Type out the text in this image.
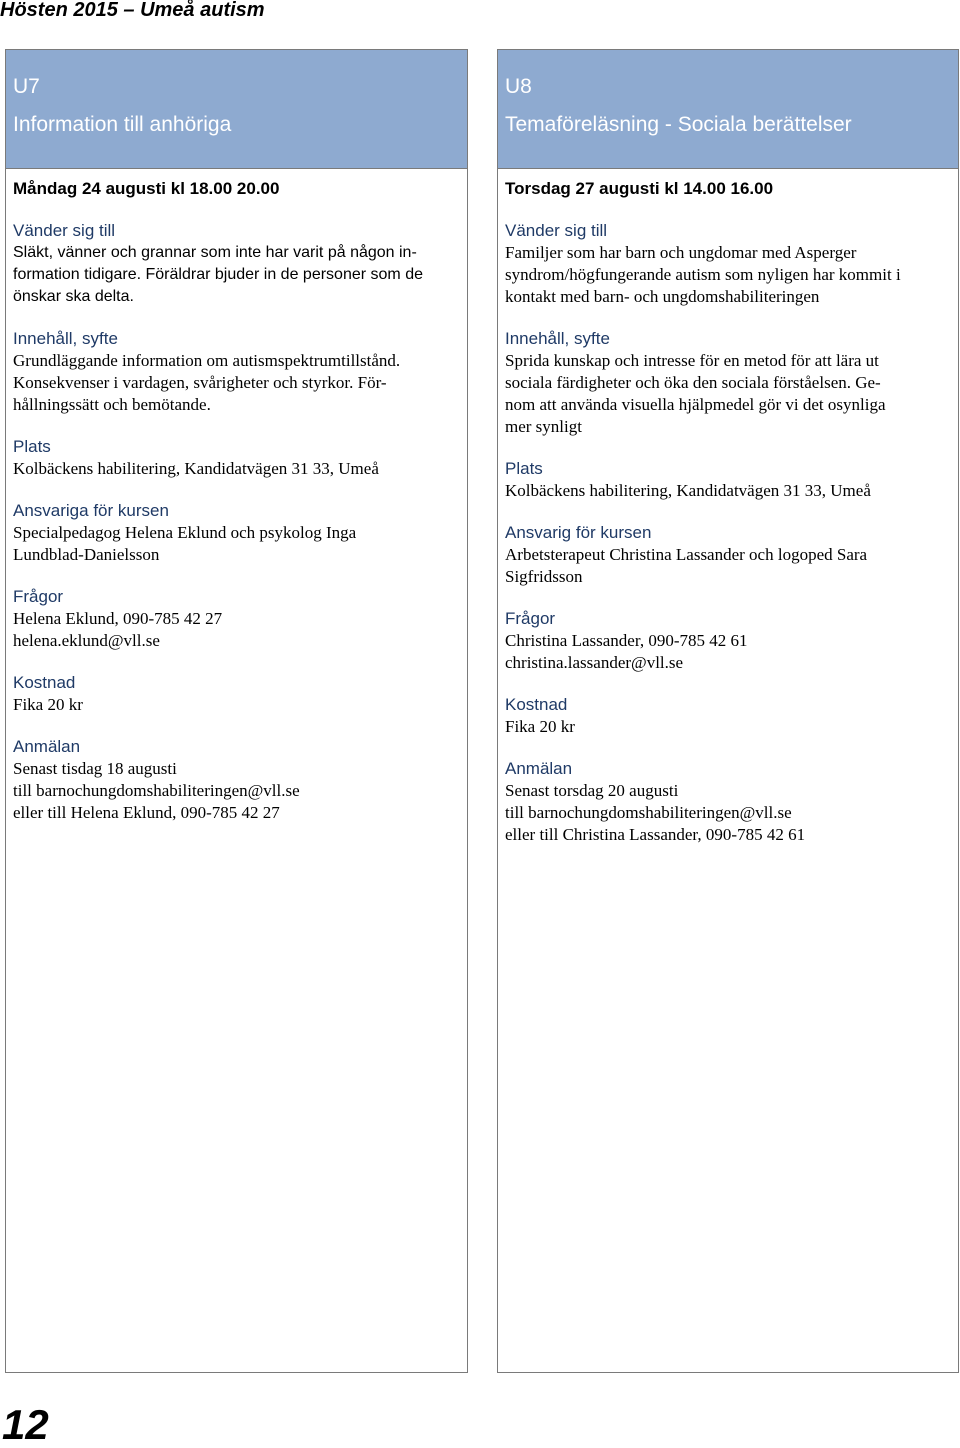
Hösten 2015 – Umeå autism
U7
Information till anhöriga
Måndag 24 augusti kl 18.00 20.00
Vänder sig till
Släkt, vänner och grannar som inte har varit på någon in-
formation tidigare. Föräldrar bjuder in de personer som de
önskar ska delta.
Innehåll, syfte
Grundläggande information om autismspektrumtillstånd.
Konsekvenser i vardagen, svårigheter och styrkor. För-
hållningssätt och bemötande.
Plats
Kolbäckens habilitering, Kandidatvägen 31 33, Umeå
Ansvariga för kursen
Specialpedagog Helena Eklund och psykolog Inga
Lundblad-Danielsson
Frågor
Helena Eklund, 090-785 42 27
helena.eklund@vll.se
Kostnad
Fika 20 kr
Anmälan
Senast tisdag 18 augusti
till barnochungdomshabiliteringen@vll.se
eller till Helena Eklund, 090-785 42 27
U8
Temaföreläsning - Sociala berättelser
Torsdag 27 augusti kl 14.00 16.00
Vänder sig till
Familjer som har barn och ungdomar med Asperger
syndrom/högfungerande autism som nyligen har kommit i
kontakt med barn- och ungdomshabiliteringen
Innehåll, syfte
Sprida kunskap och intresse för en metod för att lära ut
sociala färdigheter och öka den sociala förståelsen. Ge-
nom att använda visuella hjälpmedel gör vi det osynliga
mer synligt
Plats
Kolbäckens habilitering, Kandidatvägen 31 33, Umeå
Ansvarig för kursen
Arbetsterapeut Christina Lassander och logoped Sara
Sigfridsson
Frågor
Christina Lassander, 090-785 42 61
christina.lassander@vll.se
Kostnad
Fika 20 kr
Anmälan
Senast torsdag 20 augusti
till barnochungdomshabiliteringen@vll.se
eller till Christina Lassander, 090-785 42 61
12
